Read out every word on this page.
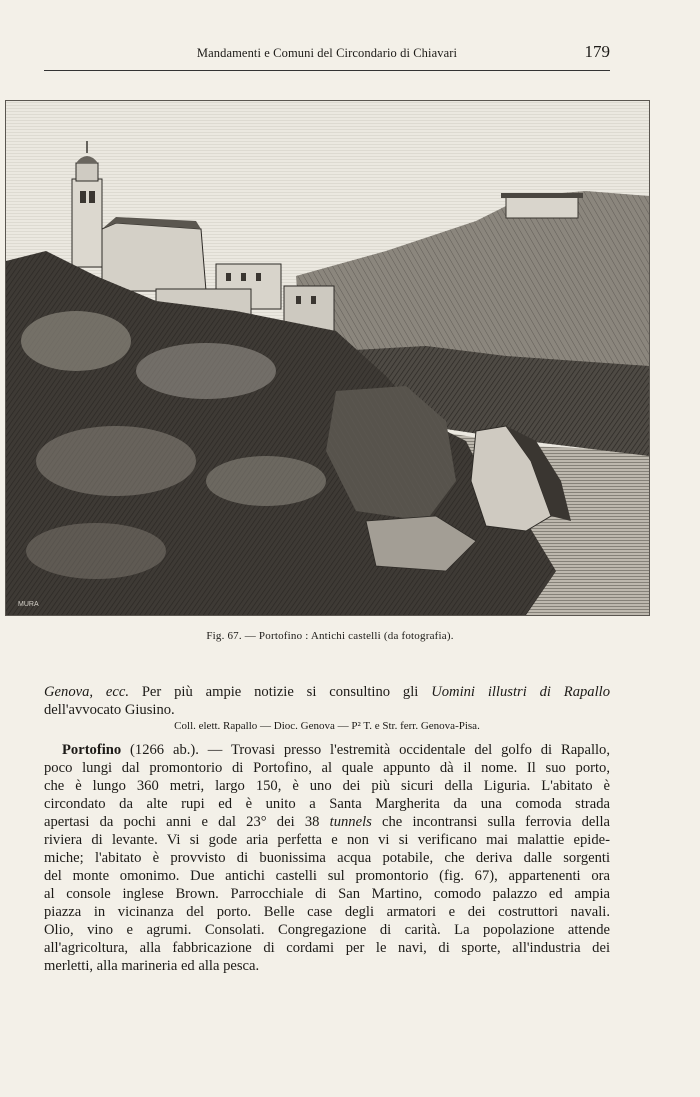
Mandamenti e Comuni del Circondario di Chiavari	179
MURA
Fig. 67. — Portofino : Antichi castelli (da fotografia).

Genova, ecc. Per più ampie notizie si consultino gli Uomini illustri di Rapallo
dell'avvocato Giusino.

Coll. elett. Rapallo — Dioc. Genova — P² T. e Str. ferr. Genova-Pisa.

Portofino (1266 ab.). — Trovasi presso l'estremità occidentale del golfo di Rapallo,
poco lungi dal promontorio di Portofino, al quale appunto dà il nome. Il suo porto,
che è lungo 360 metri, largo 150, è uno dei più sicuri della Liguria. L'abitato è
circondato da alte rupi ed è unito a Santa Margherita da una comoda strada
apertasi da pochi anni e dal 23° dei 38 tunnels che incontransi sulla ferrovia della
riviera di levante. Vi si gode aria perfetta e non vi si verificano mai malattie epide-
miche; l'abitato è provvisto di buonissima acqua potabile, che deriva dalle sorgenti
del monte omonimo. Due antichi castelli sul promontorio (fig. 67), appartenenti ora
al console inglese Brown. Parrocchiale di San Martino, comodo palazzo ed ampia
piazza in vicinanza del porto. Belle case degli armatori e dei costruttori navali.
Olio, vino e agrumi. Consolati. Congregazione di carità. La popolazione attende
all'agricoltura, alla fabbricazione di cordami per le navi, di sporte, all'industria dei
merletti, alla marineria ed alla pesca.
